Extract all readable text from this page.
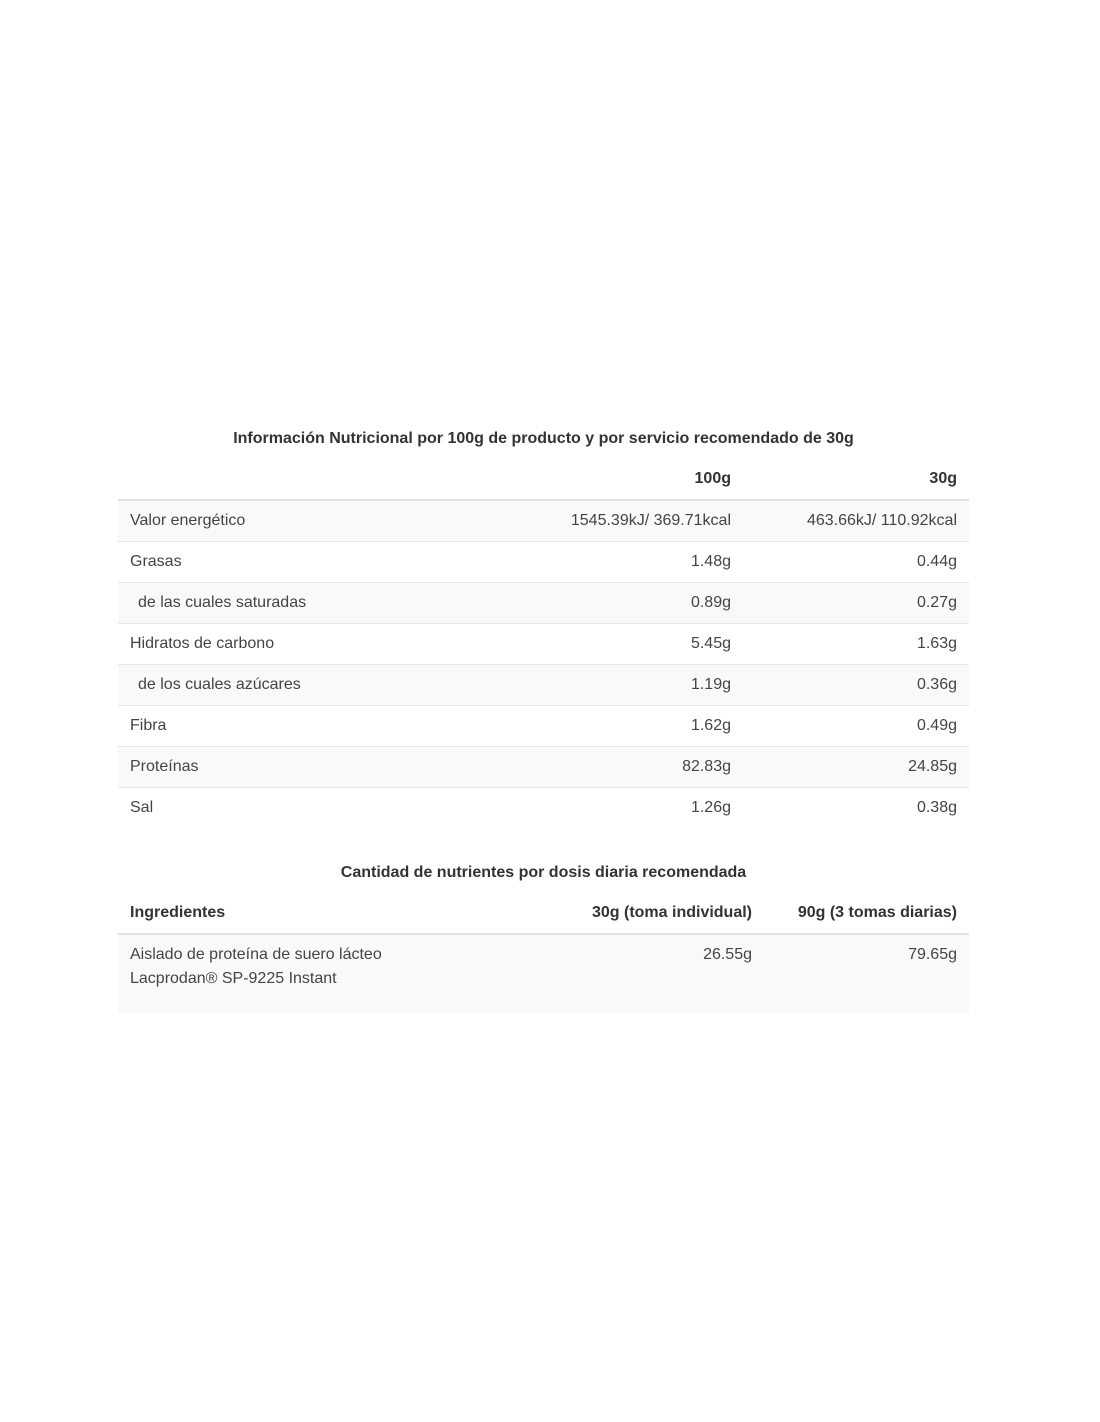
Información Nutricional por 100g de producto y por servicio recomendado de 30g
	100g	30g
Valor energético	1545.39kJ/ 369.71kcal	463.66kJ/ 110.92kcal
Grasas	1.48g	0.44g
de las cuales saturadas	0.89g	0.27g
Hidratos de carbono	5.45g	1.63g
de los cuales azúcares	1.19g	0.36g
Fibra	1.62g	0.49g
Proteínas	82.83g	24.85g
Sal	1.26g	0.38g
Cantidad de nutrientes por dosis diaria recomendada
Ingredientes	30g (toma individual)	90g (3 tomas diarias)

Aislado de proteína de suero lácteo
Lacprodan® SP-9225 Instant	26.55g	79.65g
